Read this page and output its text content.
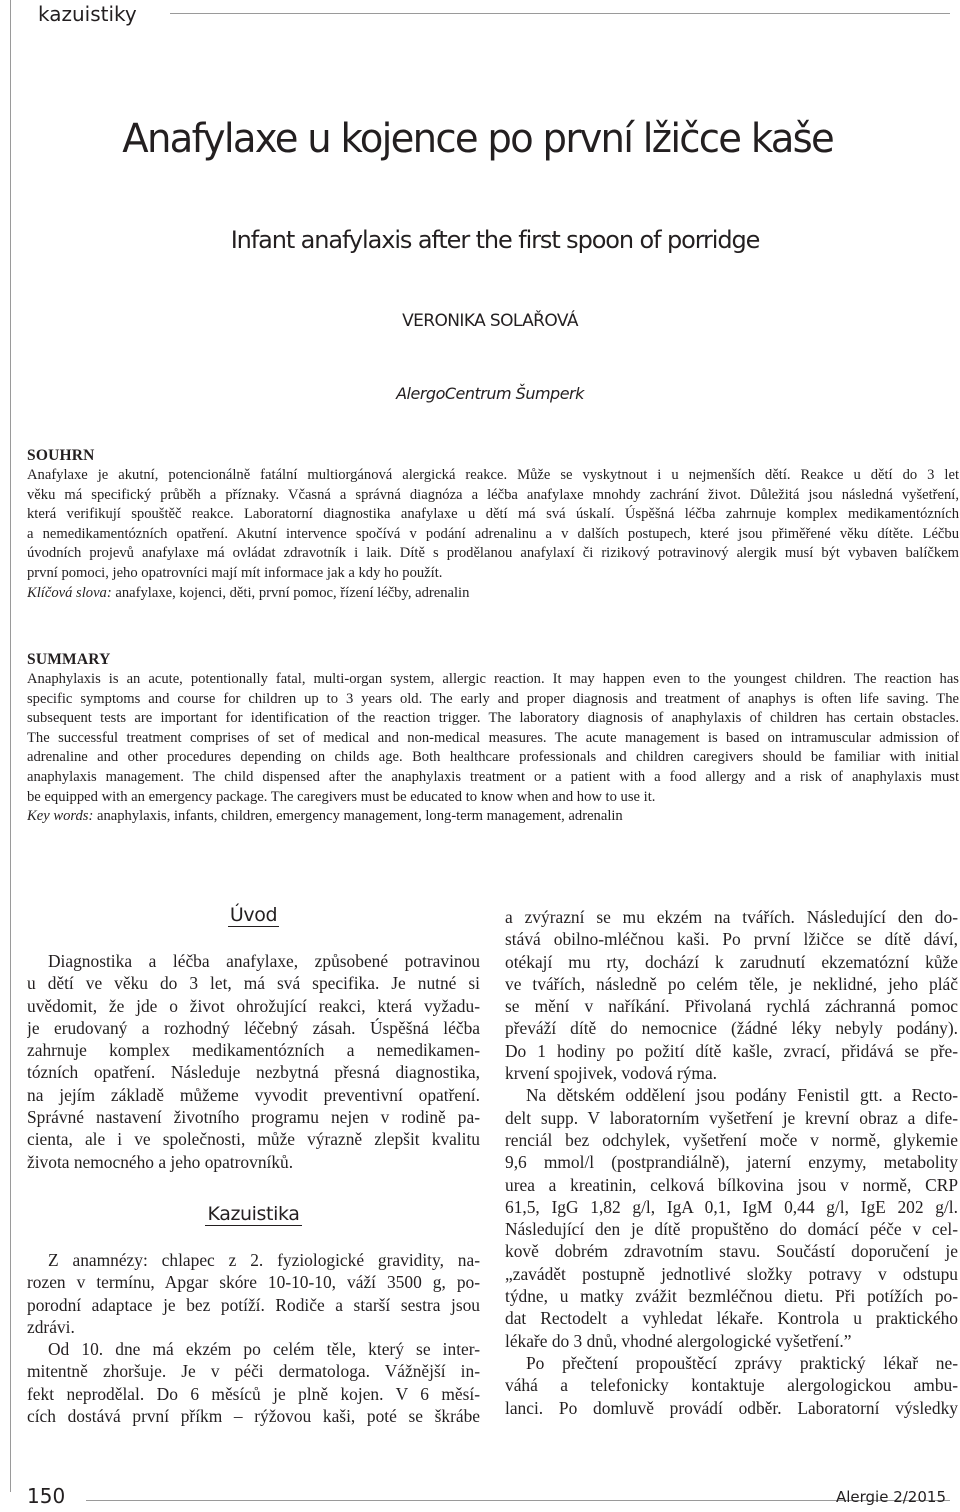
kazuistiky
Anafylaxe u kojence po první lžičce kaše
Infant anafylaxis after the first spoon of porridge
VERONIKA SOLAŘOVÁ
AlergoCentrum Šumperk
SOUHRN
Anafylaxe je akutní, potencionálně fatální multiorgánová alergická reakce. Může se vyskytnout i u nejmenších dětí. Reakce u dětí do 3 let
věku má specifický průběh a příznaky. Včasná a správná diagnóza a léčba anafylaxe mnohdy zachrání život. Důležitá jsou následná vyšetření,
která verifikují spouštěč reakce. Laboratorní diagnostika anafylaxe u dětí má svá úskalí. Úspěšná léčba zahrnuje komplex medikamentózních
a nemedikamentózních opatření. Akutní intervence spočívá v podání adrenalinu a v dalších postupech, které jsou přiměřené věku dítěte. Léčbu
úvodních projevů anafylaxe má ovládat zdravotník i laik. Dítě s prodělanou anafylaxí či rizikový potravinový alergik musí být vybaven balíčkem
první pomoci, jeho opatrovníci mají mít informace jak a kdy ho použít.
Klíčová slova: anafylaxe, kojenci, děti, první pomoc, řízení léčby, adrenalin
SUMMARY
Anaphylaxis is an acute, potentionally fatal, multi-organ system, allergic reaction. It may happen even to the youngest children. The reaction has
specific symptoms and course for children up to 3 years old. The early and proper diagnosis and treatment of anaphys is often life saving. The
subsequent tests are important for identification of the reaction trigger. The laboratory diagnosis of anaphylaxis of children has certain obstacles.
The successful treatment comprises of set of medical and non-medical measures. The acute management is based on intramuscular admission of
adrenaline and other procedures depending on childs age. Both healthcare professionals and children caregivers should be familiar with initial
anaphylaxis management. The child dispensed after the anaphylaxis treatment or a patient with a food allergy and a risk of anaphylaxis must
be equipped with an emergency package. The caregivers must be educated to know when and how to use it.
Key words: anaphylaxis, infants, children, emergency management, long-term management, adrenalin
Úvod
Diagnostika a léčba anafylaxe, způsobené potravinou
u dětí ve věku do 3 let, má svá specifika. Je nutné si
uvědomit, že jde o život ohrožující reakci, která vyžadu-
je erudovaný a rozhodný léčebný zásah. Úspěšná léčba
zahrnuje komplex medikamentózních a nemedikamen-
tózních opatření. Následuje nezbytná přesná diagnostika,
na jejím základě můžeme vyvodit preventivní opatření.
Správné nastavení životního programu nejen v rodině pa-
cienta, ale i ve společnosti, může výrazně zlepšit kvalitu
života nemocného a jeho opatrovníků.
Kazuistika
Z anamnézy: chlapec z 2. fyziologické gravidity, na-
rozen v termínu, Apgar skóre 10-10-10, váží 3500 g, po-
porodní adaptace je bez potíží. Rodiče a starší sestra jsou
zdrávi.
Od 10. dne má ekzém po celém těle, který se inter-
mitentně zhoršuje. Je v péči dermatologa. Vážnější in-
fekt neprodělal. Do 6 měsíců je plně kojen. V 6 měsí-
cích dostává první příkm – rýžovou kaši, poté se škrábe
a zvýrazní se mu ekzém na tvářích. Následující den do-
stává obilno-mléčnou kaši. Po první lžičce se dítě dáví,
otékají mu rty, dochází k zarudnutí ekzematózní kůže
ve tvářích, následně po celém těle, je neklidné, jeho pláč
se mění v naříkání. Přivolaná rychlá záchranná pomoc
převáží dítě do nemocnice (žádné léky nebyly podány).
Do 1 hodiny po požití dítě kašle, zvrací, přidává se pře-
krvení spojivek, vodová rýma.
Na dětském oddělení jsou podány Fenistil gtt. a Recto-
delt supp. V laboratorním vyšetření je krevní obraz a dife-
renciál bez odchylek, vyšetření moče v normě, glykemie
9,6 mmol/l (postprandiálně), jaterní enzymy, metabolity
urea a kreatinin, celková bílkovina jsou v normě, CRP
61,5, IgG 1,82 g/l, IgA 0,1, IgM 0,44 g/l, IgE 202 g/l.
Následující den je dítě propuštěno do domácí péče v cel-
kově dobrém zdravotním stavu. Součástí doporučení je
„zavádět postupně jednotlivé složky potravy v odstupu
týdne, u matky zvážit bezmléčnou dietu. Při potížích po-
dat Rectodelt a vyhledat lékaře. Kontrola u praktického
lékaře do 3 dnů, vhodné alergologické vyšetření.”
Po přečtení propouštěcí zprávy praktický lékař ne-
váhá a telefonicky kontaktuje alergologickou ambu-
lanci. Po domluvě provádí odběr. Laboratorní výsledky
150	Alergie 2/2015
